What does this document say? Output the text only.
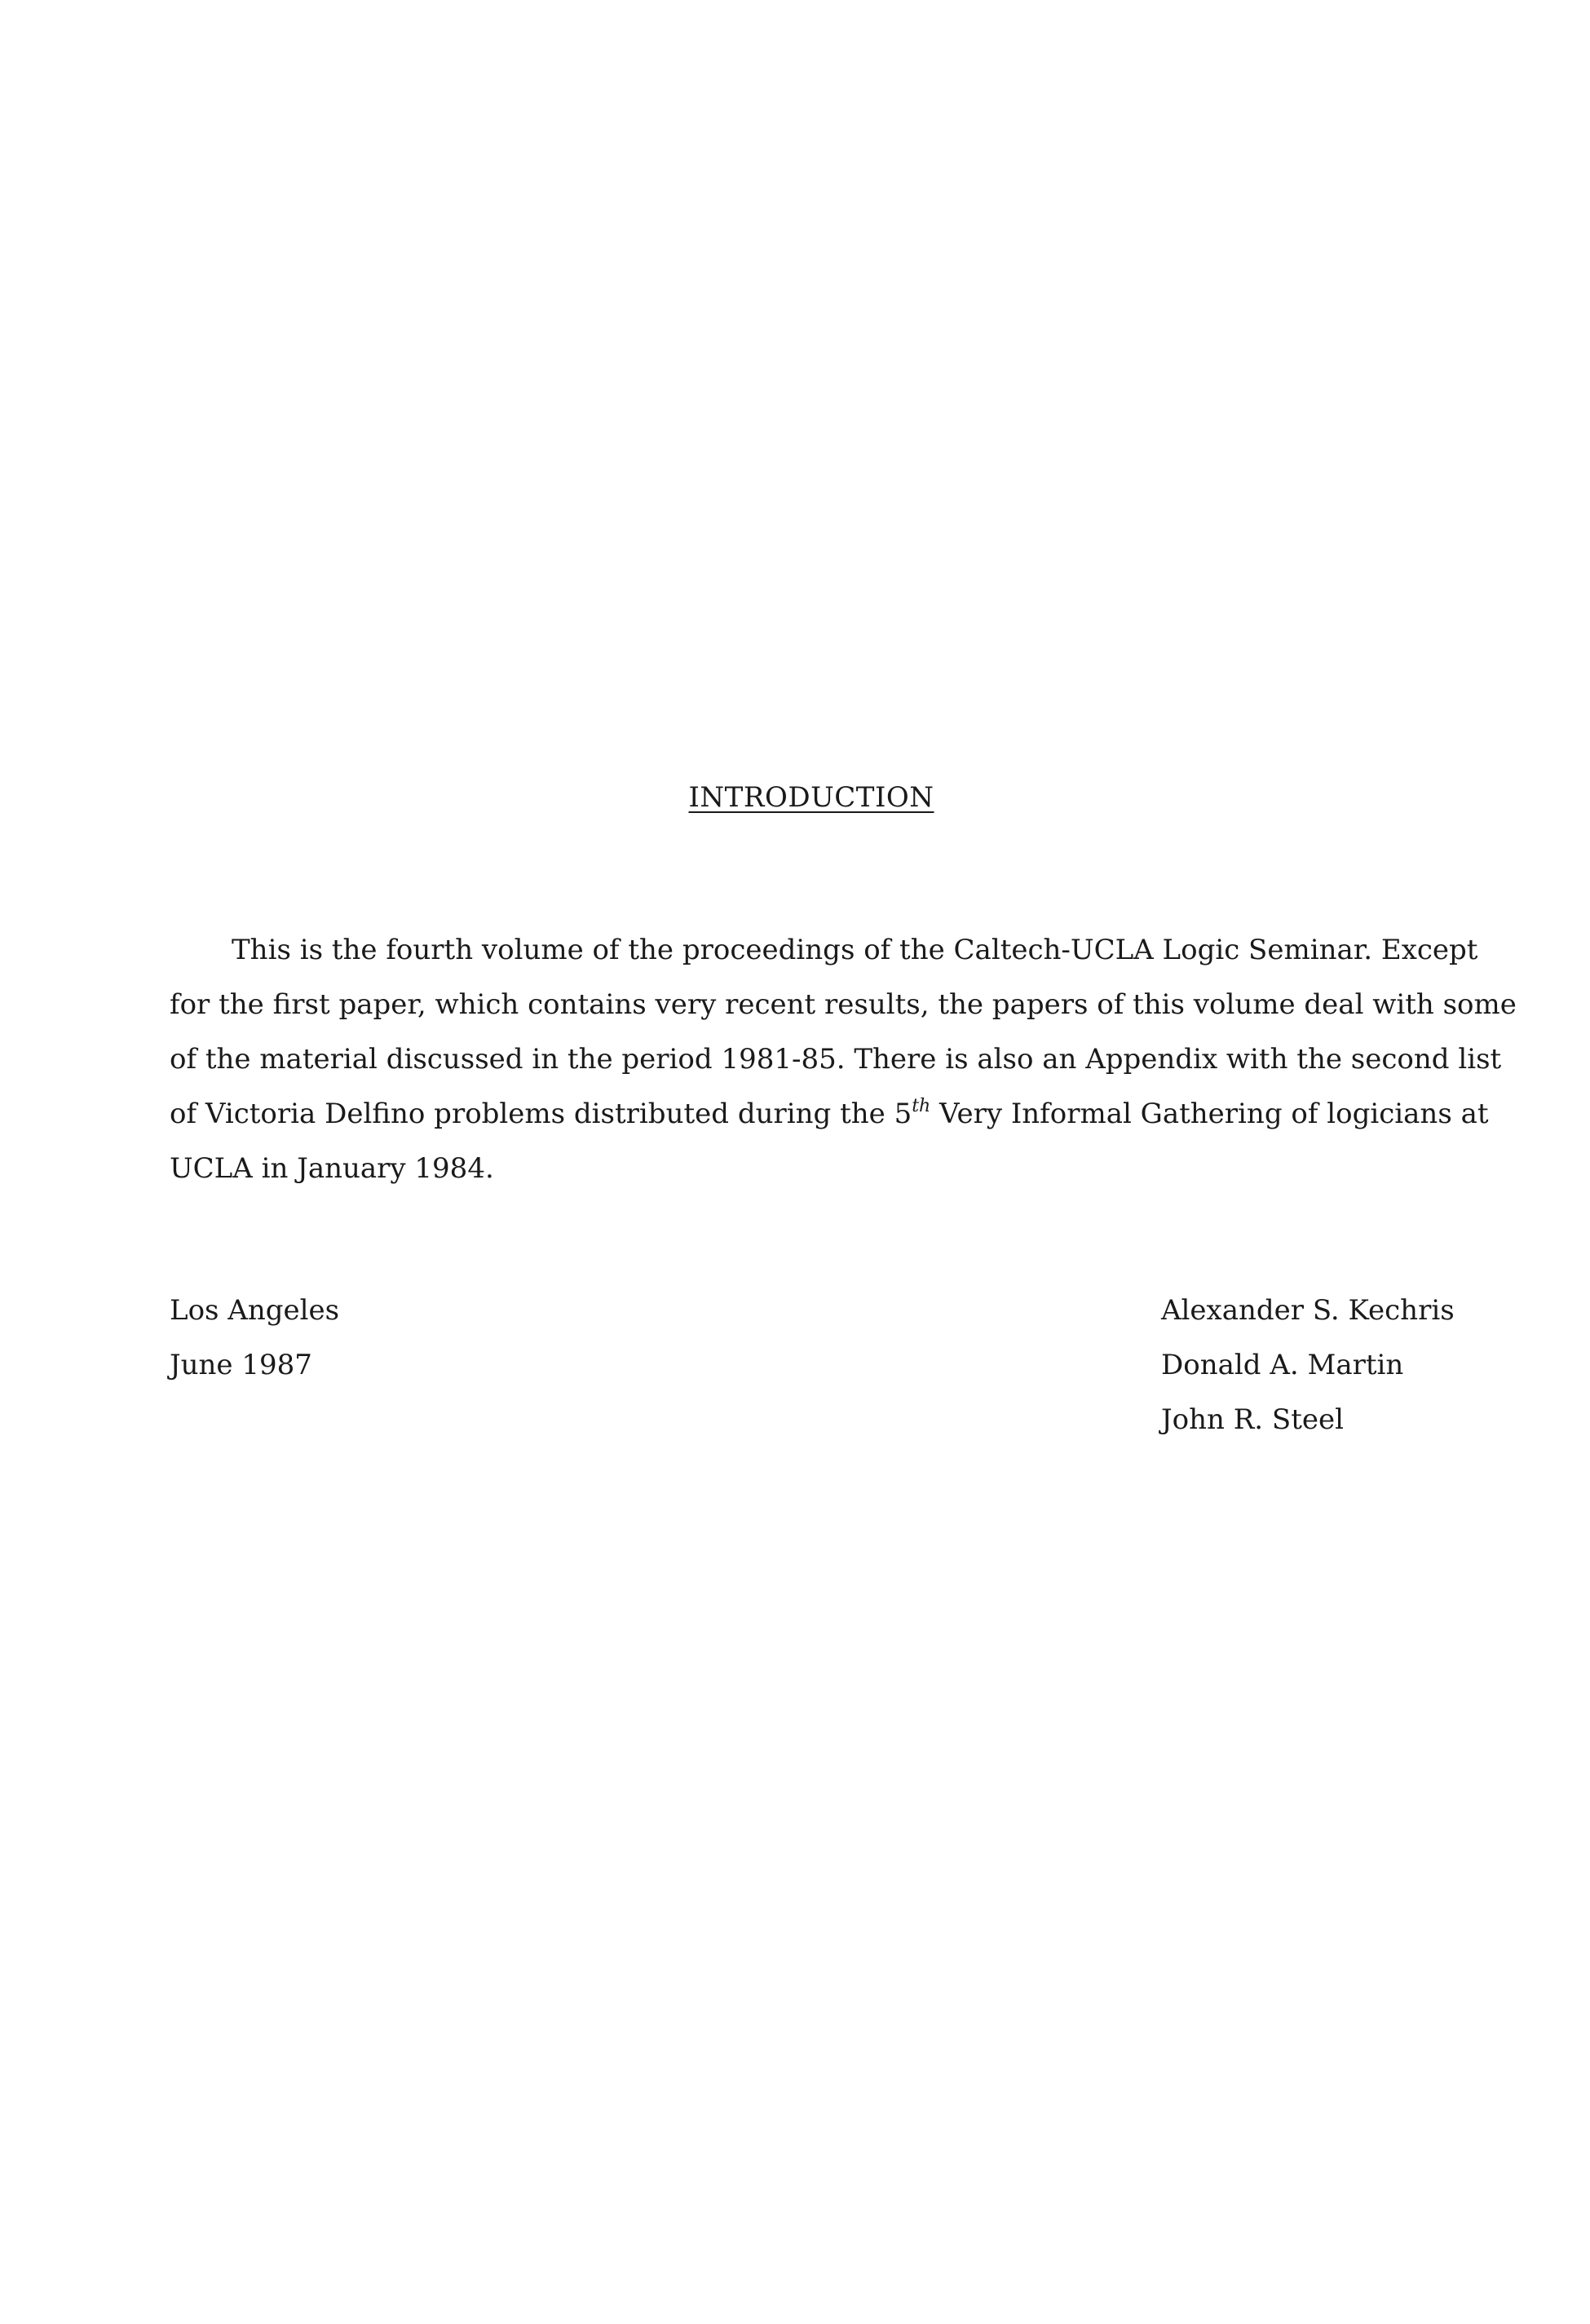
INTRODUCTION
This is the fourth volume of the proceedings of the Caltech-UCLA Logic Seminar. Except
for the first paper, which contains very recent results, the papers of this volume deal with some
of the material discussed in the period 1981-85. There is also an Appendix with the second list
of Victoria Delfino problems distributed during the 5th Very Informal Gathering of logicians at
UCLA in January 1984.
Los Angeles
June 1987
Alexander S. Kechris
Donald A. Martin
John R. Steel
